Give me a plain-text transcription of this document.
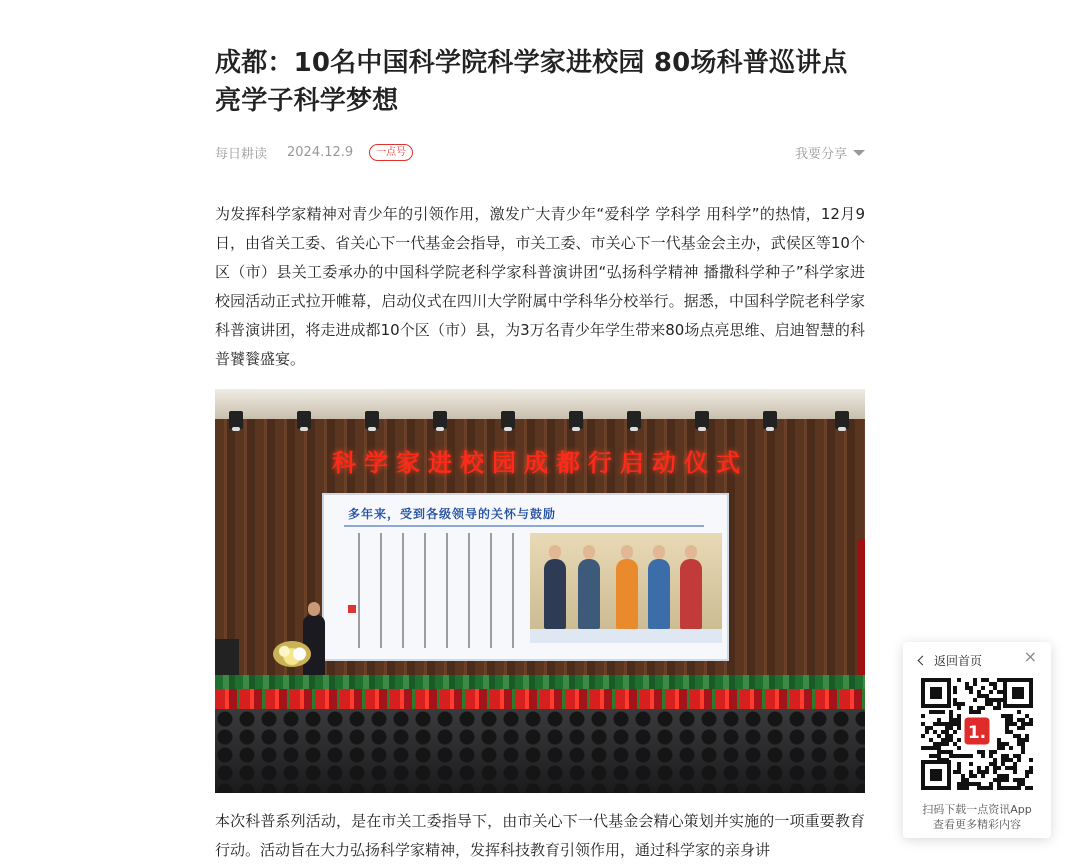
成都：10名中国科学院科学家进校园 80场科普巡讲点亮学子科学梦想
每日耕读 2024.12.9	一点号	我要分享

为发挥科学家精神对青少年的引领作用，激发广大青少年“爱科学 学科学 用科学”的热情，12月9日，由省关工委、省关心下一代基金会指导，市关工委、市关心下一代基金会主办，武侯区等10个区（市）县关工委承办的中国科学院老科学家科普演讲团“弘扬科学精神 播撒科学种子”科学家进校园活动正式拉开帷幕，启动仪式在四川大学附属中学科华分校举行。据悉，中国科学院老科学家科普演讲团，将走进成都10个区（市）县，为3万名青少年学生带来80场点亮思维、启迪智慧的科普饕餮盛宴。

科学家进校园成都行启动仪式
多年来，受到各级领导的关怀与鼓励

本次科普系列活动，是在市关工委指导下，由市关心下一代基金会精心策划并实施的一项重要教育行动。活动旨在大力弘扬科学家精神，发挥科技教育引领作用，通过科学家的亲身讲

返回首页	×
1.
扫码下载一点资讯App
查看更多精彩内容
